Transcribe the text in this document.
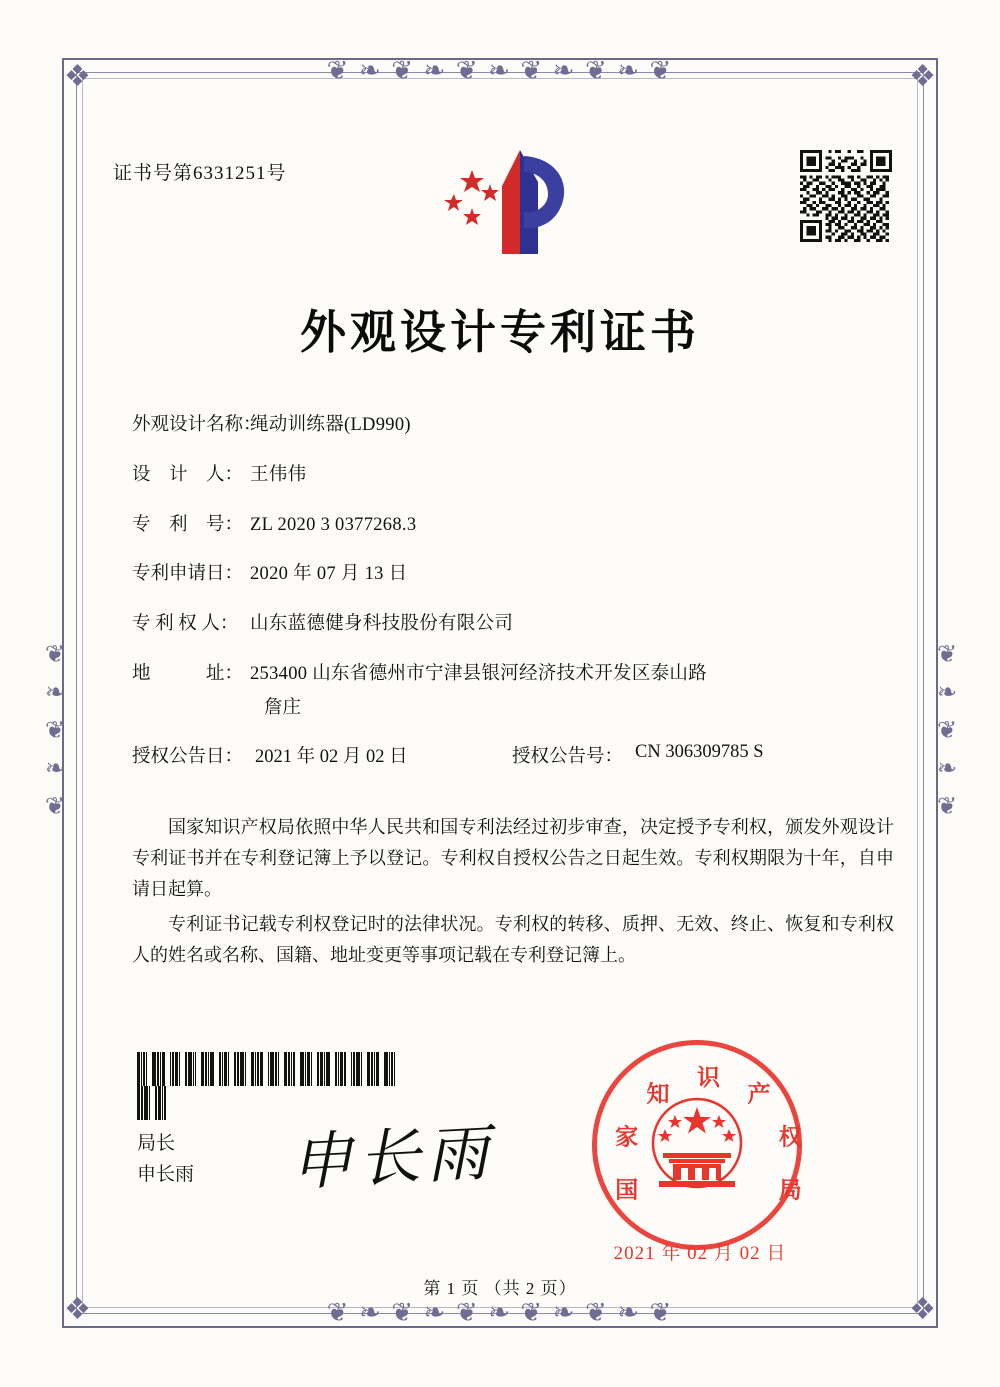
❦ ❧ ❦ ❧ ❦ ❧ ❦ ❧ ❦ ❧ ❦
❦ ❧ ❦ ❧ ❦ ❧ ❦ ❧ ❦ ❧ ❦
❦ ❧ ❦ ❧ ❦	❦ ❧ ❦ ❧ ❦
❖	❖
❖	❖
证书号第6331251号
外观设计专利证书
外观设计名称：
绳动训练器(LD990)
设　计　人： 王伟伟
专　利　号： ZL 2020 3 0377268.3
专利申请日： 2020 年 07 月 13 日
专 利 权 人： 山东蓝德健身科技股份有限公司
地　　　址： 253400 山东省德州市宁津县银河经济技术开发区泰山路
詹庄
授权公告日： 2021 年 02 月 02 日	授权公告号： CN 306309785 S

国家知识产权局依照中华人民共和国专利法经过初步审查，决定授予专利权，颁发外观设计专利证书并在专利登记簿上予以登记。专利权自授权公告之日起生效。专利权期限为十年，自申请日起算。

专利证书记载专利权登记时的法律状况。专利权的转移、质押、无效、终止、恢复和专利权人的姓名或名称、国籍、地址变更等事项记载在专利登记簿上。

局长
申长雨 申长雨	国
家
知
识
产
权
局
2021 年 02 月 02 日
第 1 页 （共 2 页）
